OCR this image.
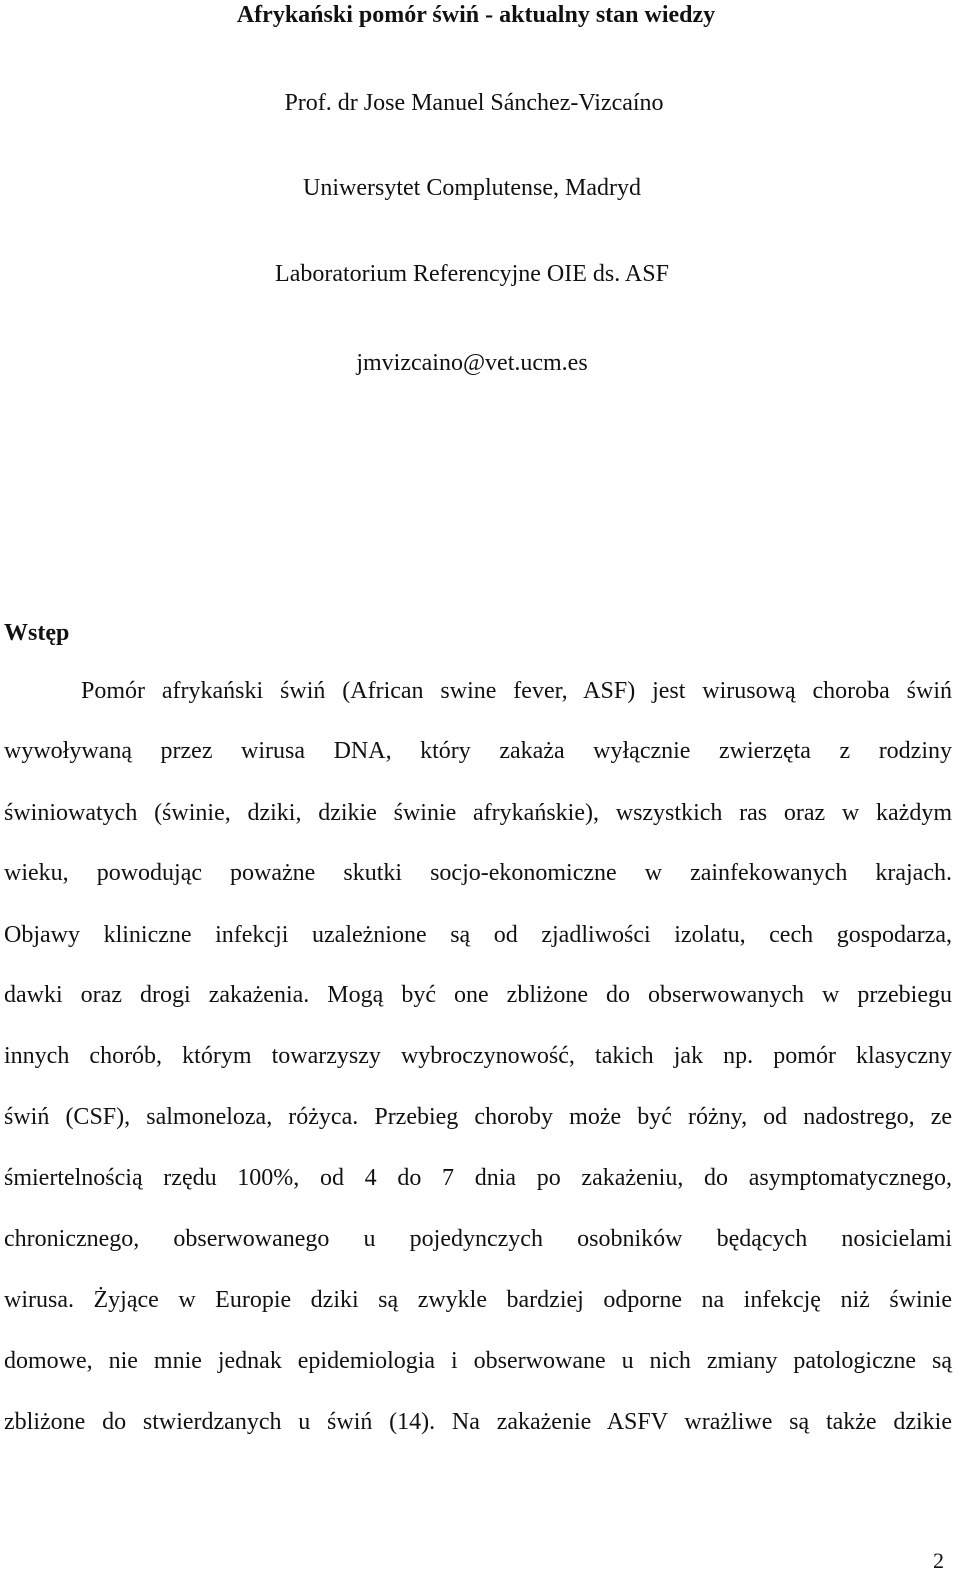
Afrykański pomór świń - aktualny stan wiedzy
Prof. dr Jose Manuel Sánchez-Vizcaíno
Uniwersytet Complutense, Madryd
Laboratorium Referencyjne OIE ds. ASF
jmvizcaino@vet.ucm.es
Wstęp
Pomór afrykański świń (African swine fever, ASF) jest wirusową choroba świń
wywoływaną przez wirusa DNA, który zakaża wyłącznie zwierzęta z rodziny
świniowatych (świnie, dziki, dzikie świnie afrykańskie), wszystkich ras oraz w każdym
wieku, powodując poważne skutki socjo-ekonomiczne w zainfekowanych krajach.
Objawy kliniczne infekcji uzależnione są od zjadliwości izolatu, cech gospodarza,
dawki oraz drogi zakażenia. Mogą być one zbliżone do obserwowanych w przebiegu
innych chorób, którym towarzyszy wybroczynowość, takich jak np. pomór klasyczny
świń (CSF), salmoneloza, różyca. Przebieg choroby może być różny, od nadostrego, ze
śmiertelnością rzędu 100%, od 4 do 7 dnia po zakażeniu, do asymptomatycznego,
chronicznego, obserwowanego u pojedynczych osobników będących nosicielami
wirusa. Żyjące w Europie dziki są zwykle bardziej odporne na infekcję niż świnie
domowe, nie mnie jednak epidemiologia i obserwowane u nich zmiany patologiczne są
zbliżone do stwierdzanych u świń (14). Na zakażenie ASFV wrażliwe są także dzikie
2
